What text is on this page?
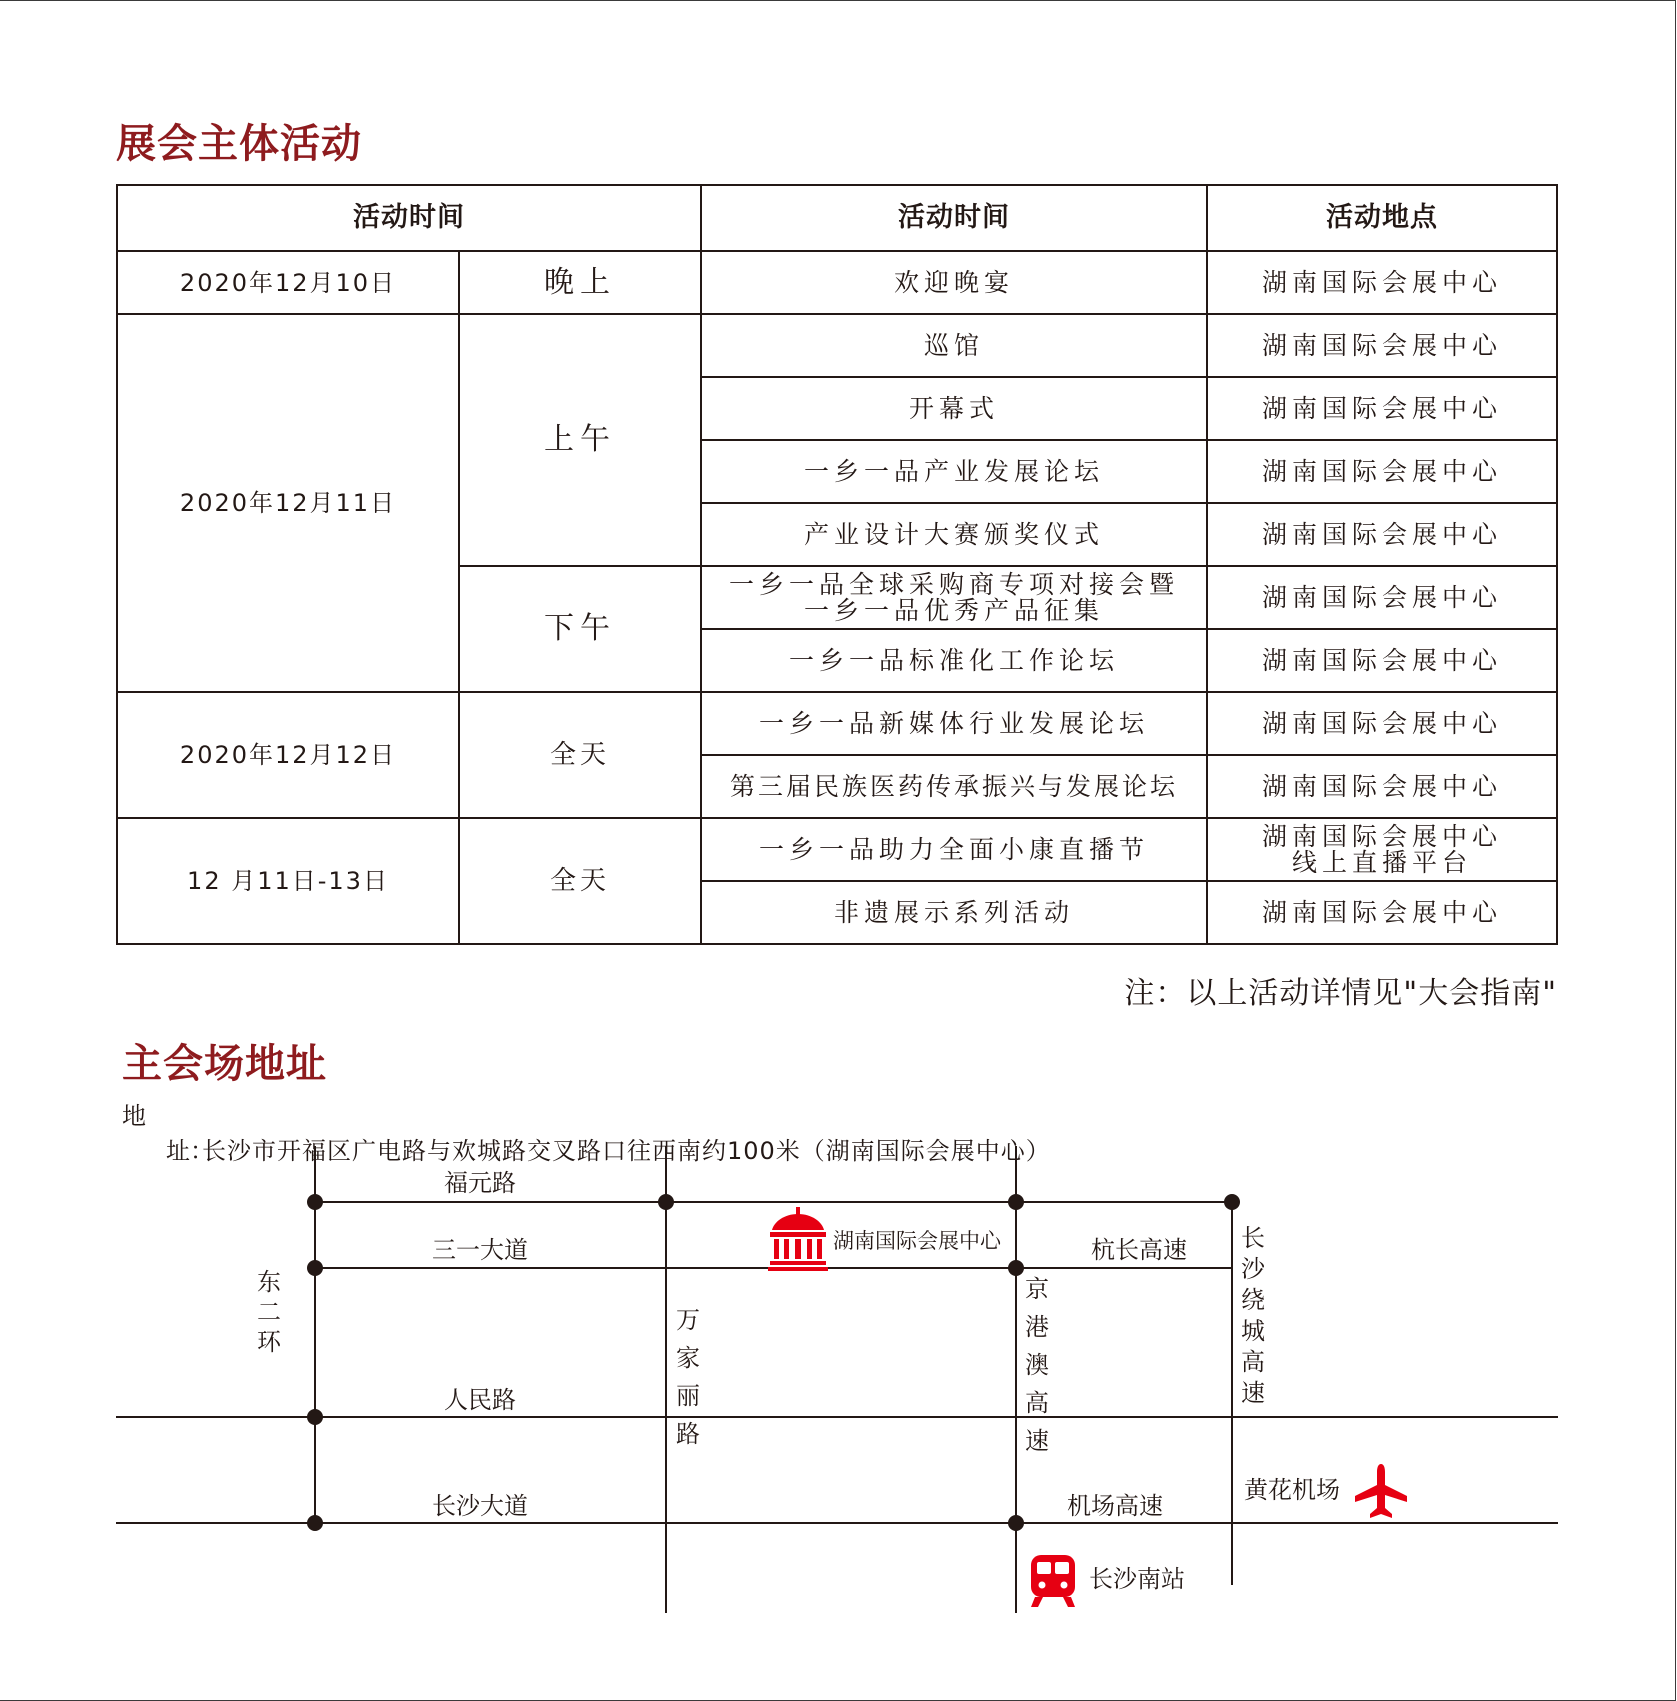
展会主体活动
活动时间		活动时间	活动地点
2020年12月10日	晚上	欢迎晚宴	湖南国际会展中心
2020年12月11日	上午	巡馆	湖南国际会展中心
		开幕式	湖南国际会展中心
		一乡一品产业发展论坛	湖南国际会展中心
		产业设计大赛颁奖仪式	湖南国际会展中心
	下午	一乡一品全球采购商专项对接会暨
一乡一品优秀产品征集	湖南国际会展中心
		一乡一品标准化工作论坛	湖南国际会展中心
2020年12月12日	全天	一乡一品新媒体行业发展论坛	湖南国际会展中心
		第三届民族医药传承振兴与发展论坛	湖南国际会展中心
12 月11日-13日	全天	一乡一品助力全面小康直播节	湖南国际会展中心
线上直播平台

		非遗展示系列活动	湖南国际会展中心

注：以上活动详情见"大会指南"

主会场地址

地址：长沙市开福区广电路与欢城路交叉路口往西南约100米（湖南国际会展中心）

福元路
三一大道	杭长高速
人民路
长沙大道	机场高速
东二环
万家丽路
京港澳高速
长沙绕城高速
湖南国际会展中心
黄花机场
长沙南站
